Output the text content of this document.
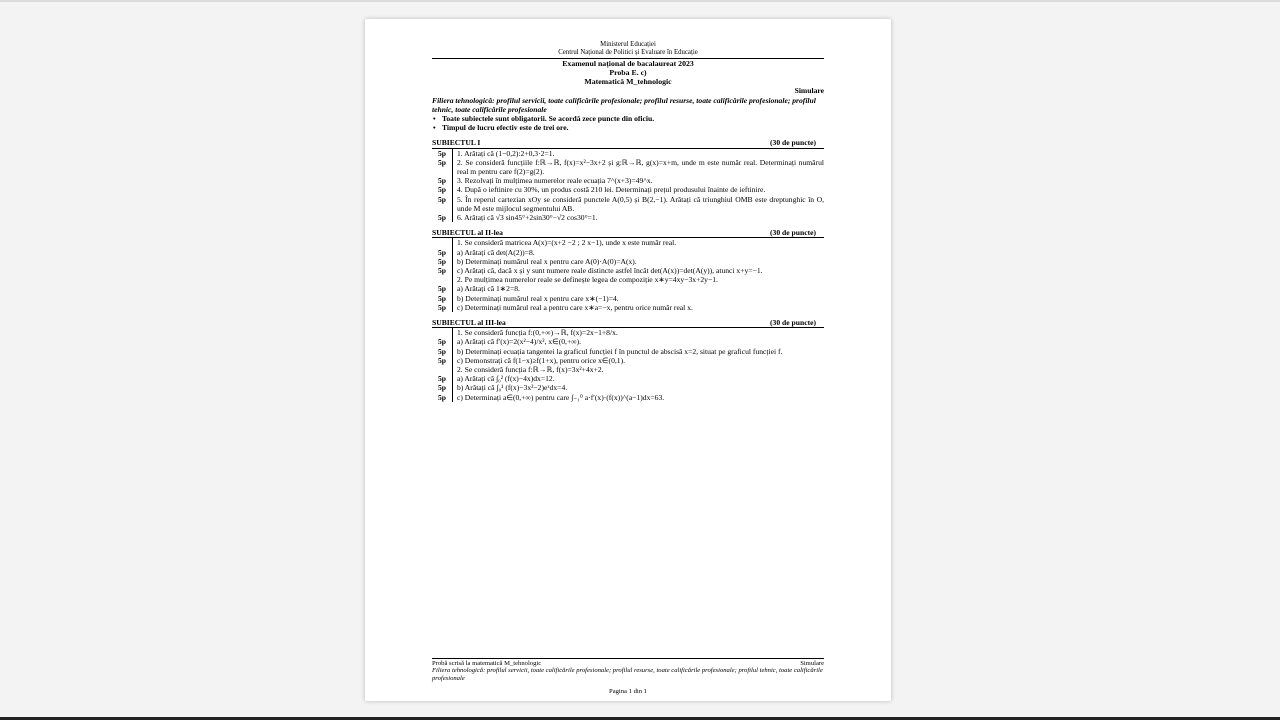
Ministerul Educației
Centrul Național de Politici și Evaluare în Educație
Examenul național de bacalaureat 2023
Proba E. c)
Matematică M_tehnologic
Simulare
Filiera tehnologică: profilul servicii, toate calificările profesionale; profilul resurse, toate calificările profesionale; profilul tehnic, toate calificările profesionale
• Toate subiectele sunt obligatorii. Se acordă zece puncte din oficiu.
• Timpul de lucru efectiv este de trei ore.
SUBIECTUL I	(30 de puncte)
5p	1. Arătați că (1−0,2):2+0,3·2=1.
5p	2. Se consideră funcțiile f:ℝ→ℝ, f(x)=x²−3x+2 și g:ℝ→ℝ, g(x)=x+m, unde m este număr real. Determinați numărul real m pentru care f(2)=g(2).
5p	3. Rezolvați în mulțimea numerelor reale ecuația 7^(x+3)=49^x.
5p	4. După o ieftinire cu 30%, un produs costă 210 lei. Determinați prețul produsului înainte de ieftinire.
5p	5. În reperul cartezian xOy se consideră punctele A(0,5) și B(2,−1). Arătați că triunghiul OMB este dreptunghic în O, unde M este mijlocul segmentului AB.
5p	6. Arătați că √3 sin45°+2sin30°−√2 cos30°=1.
SUBIECTUL al II-lea	(30 de puncte)
1. Se consideră matricea A(x)=(x+2 −2 ; 2 x−1), unde x este număr real.
5p	a) Arătați că det(A(2))=8.
5p	b) Determinați numărul real x pentru care A(0)·A(0)=A(x).
5p	c) Arătați că, dacă x și y sunt numere reale distincte astfel încât det(A(x))=det(A(y)), atunci x+y=−1.
2. Pe mulțimea numerelor reale se definește legea de compoziție x∗y=4xy−3x+2y−1.
5p	a) Arătați că 1∗2=8.
5p	b) Determinați numărul real x pentru care x∗(−1)=4.
5p	c) Determinați numărul real a pentru care x∗a=−x, pentru orice număr real x.
SUBIECTUL al III-lea	(30 de puncte)
1. Se consideră funcția f:(0,+∞)→ℝ, f(x)=2x−1+8/x.
5p	a) Arătați că f′(x)=2(x²−4)/x², x∈(0,+∞).
5p	b) Determinați ecuația tangentei la graficul funcției f în punctul de abscisă x=2, situat pe graficul funcției f.
5p	c) Demonstrați că f(1−x)≥f(1+x), pentru orice x∈(0,1).
2. Se consideră funcția f:ℝ→ℝ, f(x)=3x²+4x+2.
5p	a) Arătați că ∫₀² (f(x)−4x)dx=12.
5p	b) Arătați că ∫₀¹ (f(x)−3x²−2)eˣdx=4.
5p	c) Determinați a∈(0,+∞) pentru care ∫₋₁⁰ a·f′(x)·(f(x))^(a−1)dx=63.
Probă scrisă la matematică M_tehnologic	Simulare
Filiera tehnologică: profilul servicii, toate calificările profesionale; profilul resurse, toate calificările profesionale; profilul tehnic, toate calificările profesionale
Pagina 1 din 1
